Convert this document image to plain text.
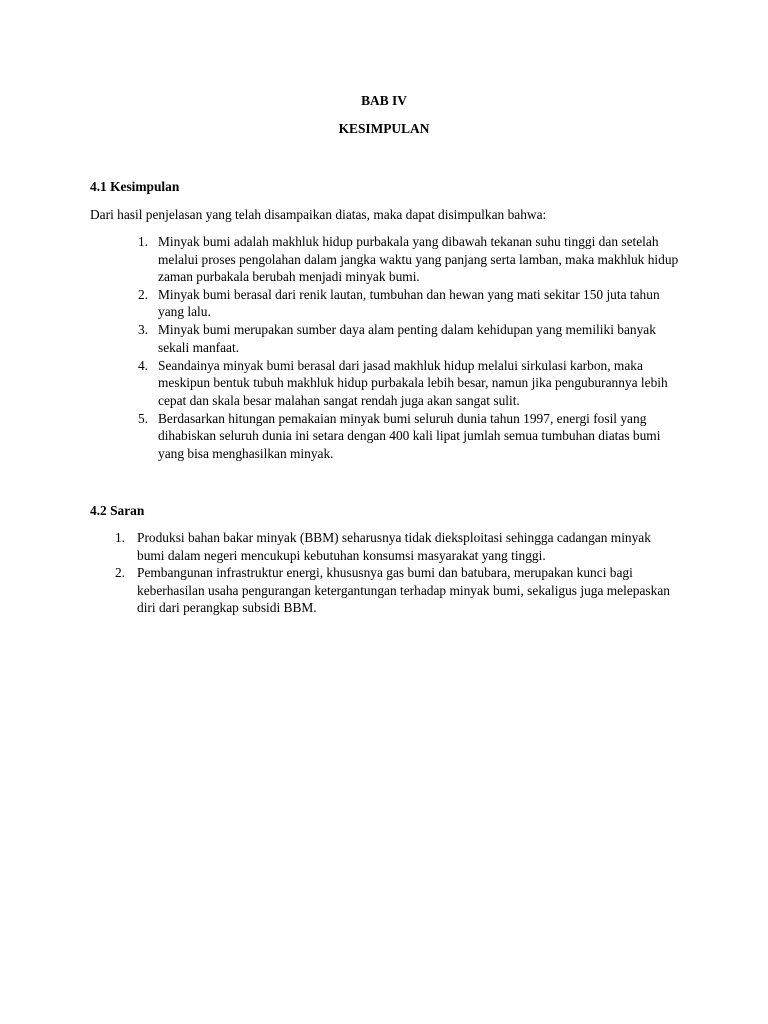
BAB IV
KESIMPULAN
4.1 Kesimpulan
Dari hasil penjelasan yang telah disampaikan diatas, maka dapat disimpulkan bahwa:
1. Minyak bumi adalah makhluk hidup purbakala yang dibawah tekanan suhu tinggi dan setelah melalui proses pengolahan dalam jangka waktu yang panjang serta lamban, maka makhluk hidup zaman purbakala berubah menjadi minyak bumi.
2. Minyak bumi berasal dari renik lautan, tumbuhan dan hewan yang mati sekitar 150 juta tahun yang lalu.
3. Minyak bumi merupakan sumber daya alam penting dalam kehidupan yang memiliki banyak sekali manfaat.
4. Seandainya minyak bumi berasal dari jasad makhluk hidup melalui sirkulasi karbon, maka meskipun bentuk tubuh makhluk hidup purbakala lebih besar, namun jika penguburannya lebih cepat dan skala besar malahan sangat rendah juga akan sangat sulit.
5. Berdasarkan hitungan pemakaian minyak bumi seluruh dunia tahun 1997, energi fosil yang dihabiskan seluruh dunia ini setara dengan 400 kali lipat jumlah semua tumbuhan diatas bumi yang bisa menghasilkan minyak.
4.2 Saran
1. Produksi bahan bakar minyak (BBM) seharusnya tidak dieksploitasi sehingga cadangan minyak bumi dalam negeri mencukupi kebutuhan konsumsi masyarakat yang tinggi.
2. Pembangunan infrastruktur energi, khususnya gas bumi dan batubara, merupakan kunci bagi keberhasilan usaha pengurangan ketergantungan terhadap minyak bumi, sekaligus juga melepaskan diri dari perangkap subsidi BBM.
